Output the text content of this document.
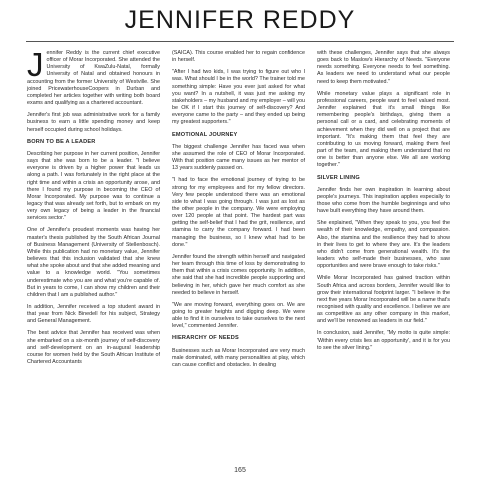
JENNIFER REDDY

Jennifer Reddy is the current chief executive officer of Morar Incorporated. She attended the University of KwaZulu-Natal, formally University of Natal and obtained honours in accounting from the former University of Westville. She joined PricewaterhouseCoopers in Durban and completed her articles together with writing both board exams and qualifying as a chartered accountant.

Jennifer's first job was administrative work for a family business to earn a little spending money and keep herself occupied during school holidays.

BORN TO BE A LEADER

Describing her purpose in her current position, Jennifer says that she was born to be a leader. "I believe everyone is driven by a higher power that leads us along a path. I was fortunately in the right place at the right time and within a crisis an opportunity arose, and there I found my purpose in becoming the CEO of Morar Incorporated. My purpose was to continue a legacy that was already set forth, but to embark on my very own legacy of being a leader in the financial services sector."

One of Jennifer's proudest moments was having her master's thesis published by the South African Journal of Business Management (University of Stellenbosch). While this publication had no monetary value, Jennifer believes that this inclusion validated that she knew what she spoke about and that she added meaning and value to a knowledge world. "You sometimes underestimate who you are and what you're capable of. But in years to come, I can show my children and their children that I am a published author."

In addition, Jennifer received a top student award in that year from Nick Binedell for his subject, Strategy and General Management.

The best advice that Jennifer has received was when she embarked on a six-month journey of self-discovery and self-development on an in-augural leadership course for women held by the South African Institute of Chartered Accountants

(SAICA). This course enabled her to regain confidence in herself.

"After I had two kids, I was trying to figure out who I was. What should I be in the world? The trainer told me something simple: Have you ever just asked for what you want? In a nutshell, it was just me asking my stakeholders – my husband and my employer – will you be OK if I start this journey of self-discovery? And everyone came to the party – and they ended up being my greatest supporters."

EMOTIONAL JOURNEY

The biggest challenge Jennifer has faced was when she assumed the role of CEO of Morar Incorporated. With that position came many issues as her mentor of 13 years suddenly passed on.

"I had to face the emotional journey of trying to be strong for my employees and for my fellow directors. Very few people understood there was an emotional side to what I was going through. I was just as lost as the other people in the company. We were employing over 120 people at that point. The hardest part was getting the self-belief that I had the grit, resilience, and stamina to carry the company forward. I had been managing the business, so I knew what had to be done."

Jennifer found the strength within herself and navigated her team through this time of loss by demonstrating to them that within a crisis comes opportunity. In addition, she said that she had incredible people supporting and believing in her, which gave her much comfort as she needed to believe in herself.

"We are moving forward, everything goes on. We are going to greater heights and digging deep. We were able to find it in ourselves to take ourselves to the next level," commented Jennifer.

HIERARCHY OF NEEDS

Businesses such as Morar Incorporated are very much male dominated, with many personalities at play, which can cause conflict and obstacles. In dealing

with these challenges, Jennifer says that she always goes back to Maslow's Hierarchy of Needs. "Everyone needs something. Everyone needs to feel something. As leaders we need to understand what our people need to keep them motivated."

While monetary value plays a significant role in professional careers, people want to feel valued most. Jennifer explained that it's small things like remembering people's birthdays, giving them a personal call or a card, and celebrating moments of achievement when they did well on a project that are important. "It's making them that feel they are contributing to us moving forward, making them feel part of the team, and making them understand that no one is better than anyone else. We all are working together."

SILVER LINING

Jennifer finds her own inspiration in learning about people's journeys. This inspiration applies especially to those who come from the humble beginnings and who have built everything they have around them.

She explained, "When they speak to you, you feel the wealth of their knowledge, empathy, and compassion. Also, the stamina and the resilience they had to show in their lives to get to where they are. It's the leaders who didn't come from generational wealth. It's the leaders who self-made their businesses, who saw opportunities and were brave enough to take risks."

While Morar Incorporated has gained traction within South Africa and across borders, Jennifer would like to grow their international footprint larger. "I believe in the next five years Morar Incorporated will be a name that's recognised with quality and excellence. I believe we are as competitive as any other company in this market, and we'll be renowned as leaders in our field."

In conclusion, said Jennifer, "My motto is quite simple: 'Within every crisis lies an opportunity', and it is for you to see the silver lining."

165
